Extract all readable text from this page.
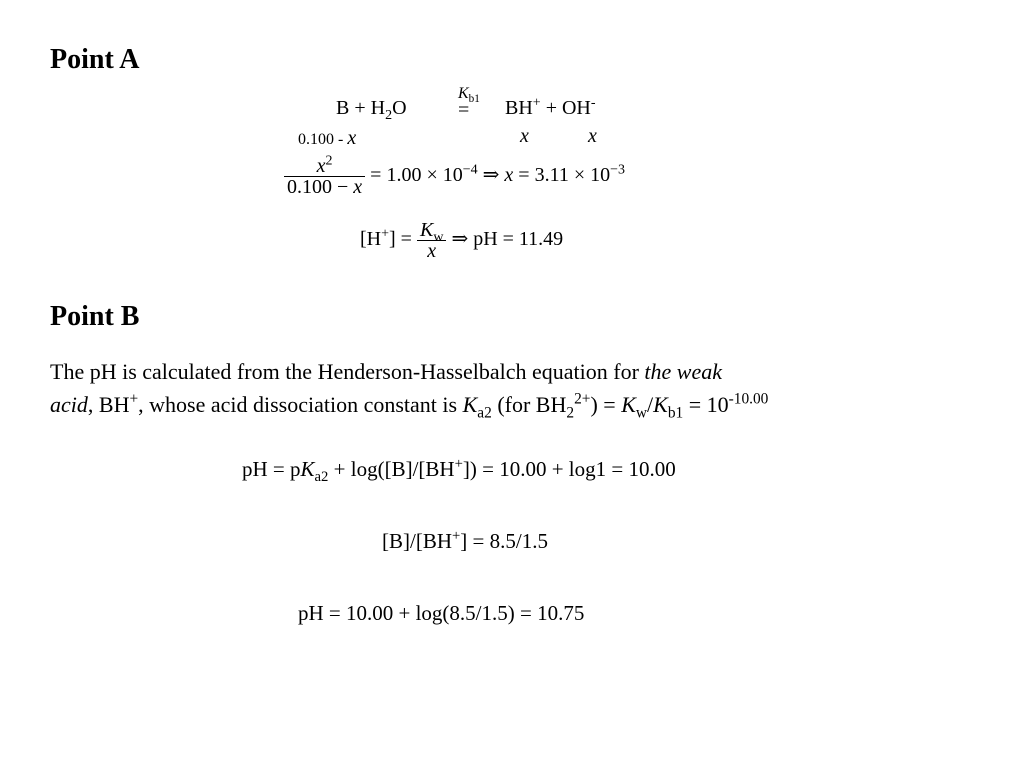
Point A
$B + H_2O$
$K_{b1}$
= BH+ + OH-
0.100 - x	x	x
$\frac{x^2}{0.100 - x} = 1.00 \times 10^{-4}$ ⇒ $x = 3.11 \times 10^{-3}$
$[H^+] = \frac{K_w}{x}$ ⇒ pH = 11.49
Point B
The pH is calculated from the Henderson-Hasselbalch equation for the weak
acid, BH+, whose acid dissociation constant is $K_{a2}$ (for $BH_2^{2+}) = K_w/K_{b1} = 10^{-10.00}$
pH = $pK_{a2} + \log([B]/[BH^+]) = 10.00 + \log 1 = 10.00$
[B]/[BH+] = 8.5/1.5
pH = 10.00 + log(8.5/1.5) = 10.75
